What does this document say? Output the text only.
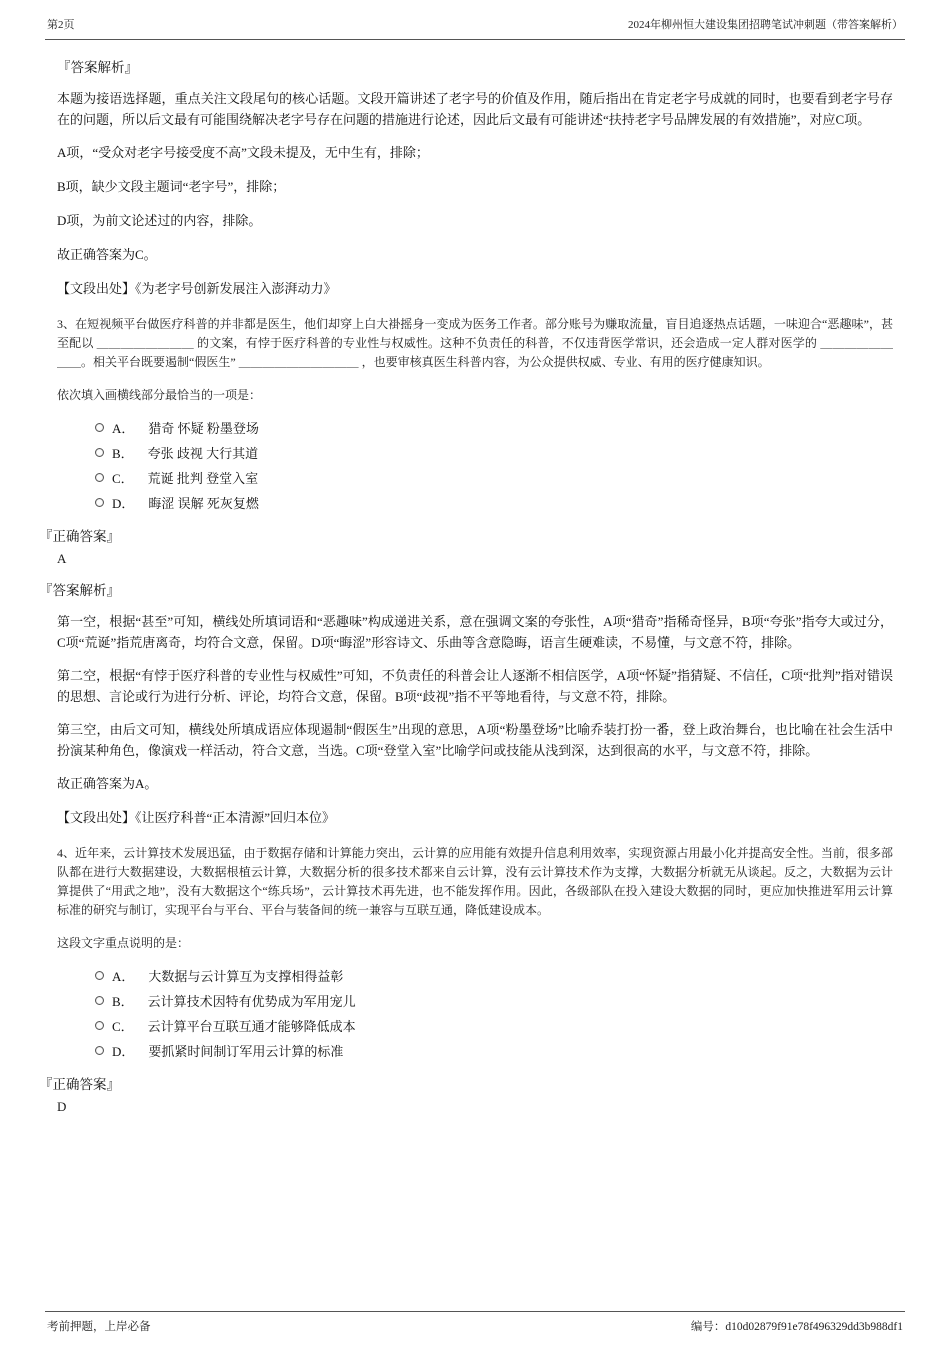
第2页	2024年柳州恒大建设集团招聘笔试冲刺题（带答案解析）
『答案解析』

本题为接语选择题，重点关注文段尾句的核心话题。文段开篇讲述了老字号的价值及作用，随后指出在肯定老字号成就的同时，也要看到老字号存在的问题，所以后文最有可能围绕解决老字号存在问题的措施进行论述，因此后文最有可能讲述“扶持老字号品牌发展的有效措施”，对应C项。

A项，“受众对老字号接受度不高”文段未提及，无中生有，排除；

B项，缺少文段主题词“老字号”，排除；

D项，为前文论述过的内容，排除。

故正确答案为C。

【文段出处】《为老字号创新发展注入澎湃动力》

3、在短视频平台做医疗科普的并非都是医生，他们却穿上白大褂摇身一变成为医务工作者。部分账号为赚取流量，盲目追逐热点话题，一味迎合“恶趣味”，甚至配以 ＿＿＿＿＿＿＿＿ 的文案，有悖于医疗科普的专业性与权威性。这种不负责任的科普，不仅违背医学常识，还会造成一定人群对医学的 ＿＿＿＿＿＿＿＿。相关平台既要遏制“假医生” ＿＿＿＿＿＿＿＿＿＿ ，也要审核真医生科普内容，为公众提供权威、专业、有用的医疗健康知识。

依次填入画横线部分最恰当的一项是：

A． 猎奇 怀疑 粉墨登场
B． 夸张 歧视 大行其道
C． 荒诞 批判 登堂入室
D． 晦涩 误解 死灰复燃
『正确答案』
A
『答案解析』

第一空，根据“甚至”可知，横线处所填词语和“恶趣味”构成递进关系，意在强调文案的夸张性，A项“猎奇”指稀奇怪异，B项“夸张”指夸大或过分，C项“荒诞”指荒唐离奇，均符合文意，保留。D项“晦涩”形容诗文、乐曲等含意隐晦，语言生硬难读，不易懂，与文意不符，排除。

第二空，根据“有悖于医疗科普的专业性与权威性”可知，不负责任的科普会让人逐渐不相信医学，A项“怀疑”指猜疑、不信任，C项“批判”指对错误的思想、言论或行为进行分析、评论，均符合文意，保留。B项“歧视”指不平等地看待，与文意不符，排除。

第三空，由后文可知，横线处所填成语应体现遏制“假医生”出现的意思，A项“粉墨登场”比喻乔装打扮一番，登上政治舞台，也比喻在社会生活中扮演某种角色，像演戏一样活动，符合文意，当选。C项“登堂入室”比喻学问或技能从浅到深，达到很高的水平，与文意不符，排除。

故正确答案为A。

【文段出处】《让医疗科普“正本清源”回归本位》

4、近年来，云计算技术发展迅猛，由于数据存储和计算能力突出，云计算的应用能有效提升信息利用效率，实现资源占用最小化并提高安全性。当前，很多部队都在进行大数据建设，大数据根植云计算，大数据分析的很多技术都来自云计算，没有云计算技术作为支撑，大数据分析就无从谈起。反之，大数据为云计算提供了“用武之地”，没有大数据这个“练兵场”，云计算技术再先进，也不能发挥作用。因此，各级部队在投入建设大数据的同时，更应加快推进军用云计算标准的研究与制订，实现平台与平台、平台与装备间的统一兼容与互联互通，降低建设成本。

这段文字重点说明的是：

A． 大数据与云计算互为支撑相得益彰
B． 云计算技术因特有优势成为军用宠儿
C． 云计算平台互联互通才能够降低成本
D． 要抓紧时间制订军用云计算的标准
『正确答案』
D
考前押题，上岸必备	编号：d10d02879f91e78f496329dd3b988df1
